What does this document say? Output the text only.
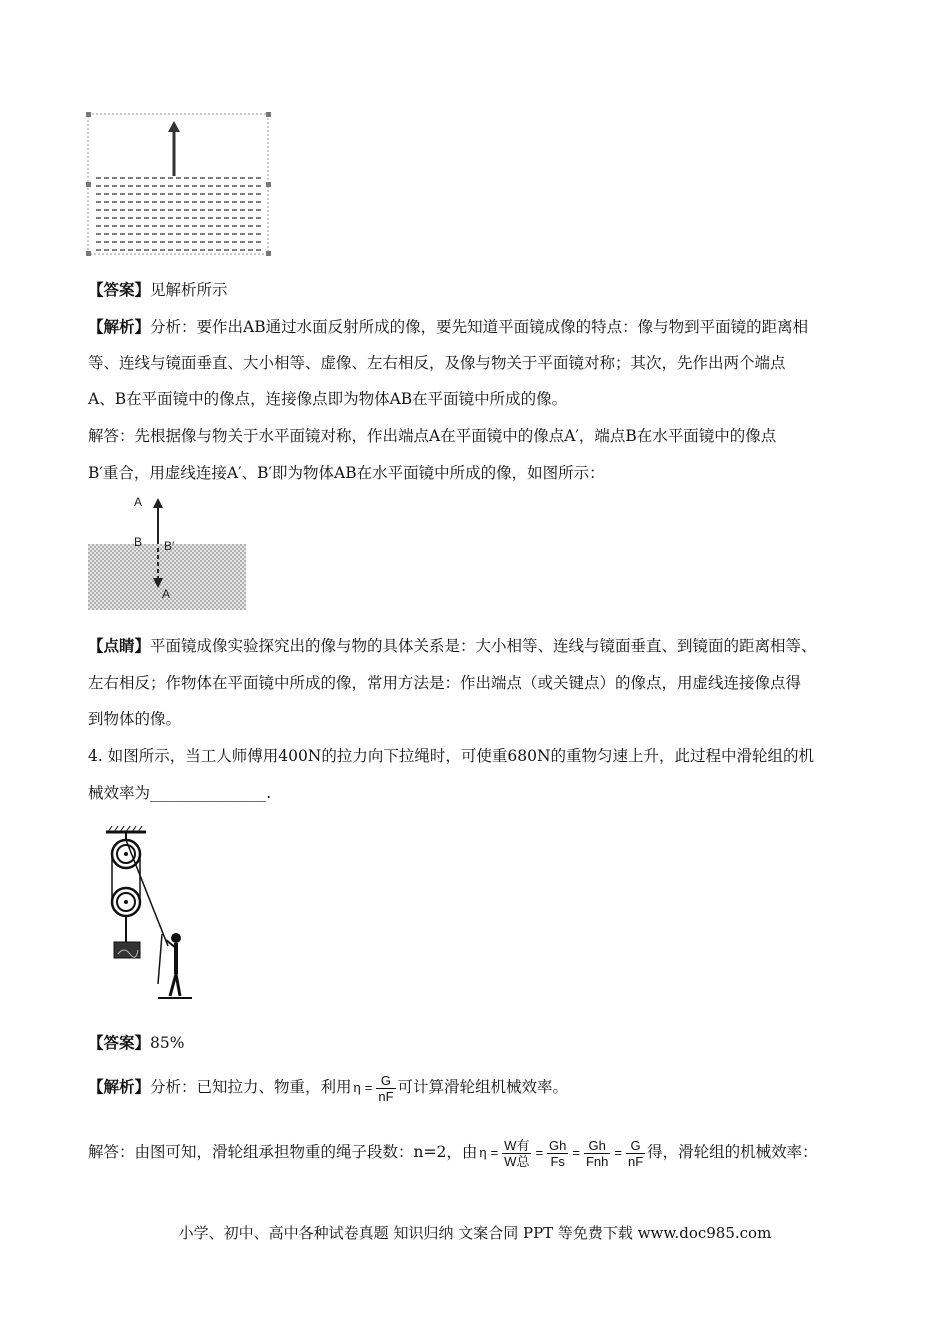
【答案】见解析所示
【解析】分析：要作出AB通过水面反射所成的像，要先知道平面镜成像的特点：像与物到平面镜的距离相
等、连线与镜面垂直、大小相等、虚像、左右相反，及像与物关于平面镜对称；其次，先作出两个端点
A、B在平面镜中的像点，连接像点即为物体AB在平面镜中所成的像。
解答：先根据像与物关于水平面镜对称，作出端点A在平面镜中的像点A′，端点B在水平面镜中的像点
B′重合，用虚线连接A′、B′即为物体AB在水平面镜中所成的像，如图所示：
A
B B′
A
【点睛】平面镜成像实验探究出的像与物的具体关系是：大小相等、连线与镜面垂直、到镜面的距离相等、
左右相反；作物体在平面镜中所成的像，常用方法是：作出端点（或关键点）的像点，用虚线连接像点得
到物体的像。
4. 如图所示，当工人师傅用400N的拉力向下拉绳时，可使重680N的重物匀速上升，此过程中滑轮组的机
械效率为_______________.
【答案】85%
【解析】分析：已知拉力、物重，利用 $\eta = \frac{G}{nF}$ 可计算滑轮组机械效率。
解答：由图可知，滑轮组承担物重的绳子段数：n=2，由 $\eta = \frac{\text{W有}}{\text{W总}} = \frac{Gh}{Fs} = \frac{Gh}{\text{Fnh}} = \frac{G}{nF}$ 得，滑轮组的机械效率：
小学、初中、高中各种试卷真题 知识归纳 文案合同 PPT 等免费下载 www.doc985.com
